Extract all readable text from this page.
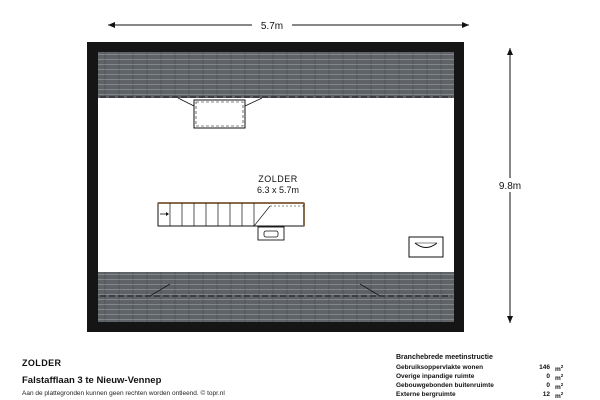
5.7m
9.8m
ZOLDER
6.3 x 5.7m
ZOLDER
Falstafflaan 3 te Nieuw-Vennep
Aan de plattegronden kunnen geen rechten worden ontleend. © topr.nl
Branchebrede meetinstructie
Gebruiksoppervlakte wonen	146 $m^2$
Overige inpandige ruimte	0 $m^2$
Gebouwgebonden buitenruimte	0 $m^2$
Externe bergruimte	12 $m^2$
